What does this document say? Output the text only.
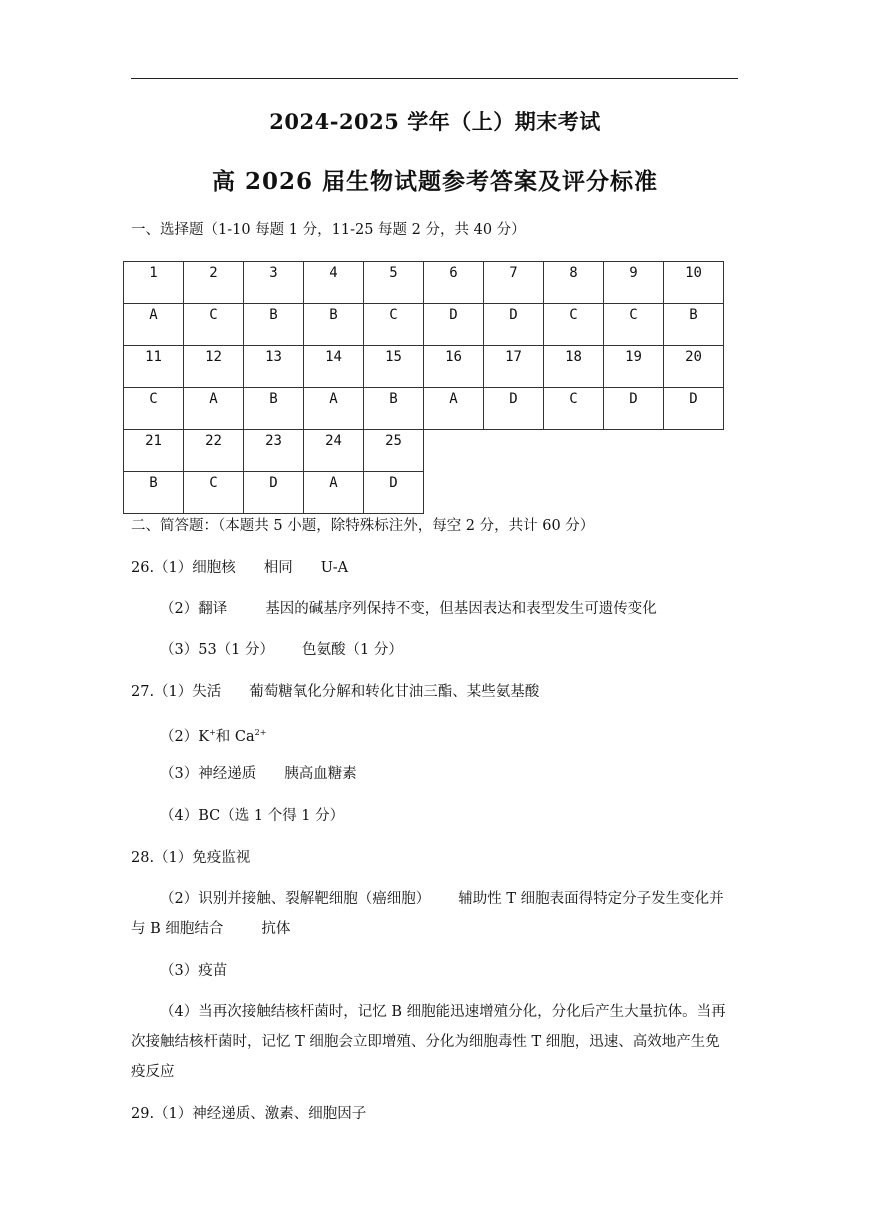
2024-2025 学年（上）期末考试
高 2026 届生物试题参考答案及评分标准
一、选择题（1-10 每题 1 分，11-25 每题 2 分，共 40 分）
1	2	3	4	5	6	7	8	9	10

A	C	B	B	C	D	D	C	C	B

11	12	13	14	15	16	17	18	19	20

C	A	B	A	B	A	D	C	D	D

21	22	23	24	25					

B	C	D	A	D					

二、简答题：（本题共 5 小题，除特殊标注外，每空 2 分，共计 60 分）
26.（1）细胞核 相同 U-A
（2）翻译	基因的碱基序列保持不变，但基因表达和表型发生可遗传变化
（3）53（1 分） 色氨酸（1 分）
27.（1）失活 葡萄糖氧化分解和转化甘油三酯、某些氨基酸
（2）K+和 $Ca^{2+}$
（3）神经递质 胰高血糖素
（4）BC（选 1 个得 1 分）
28.（1）免疫监视
（2）识别并接触、裂解靶细胞（癌细胞） 辅助性 T 细胞表面得特定分子发生变化并
与 B 细胞结合	抗体
（3）疫苗
（4）当再次接触结核杆菌时，记忆 B 细胞能迅速增殖分化，分化后产生大量抗体。当再
次接触结核杆菌时，记忆 T 细胞会立即增殖、分化为细胞毒性 T 细胞，迅速、高效地产生免
疫反应
29.（1）神经递质、激素、细胞因子
